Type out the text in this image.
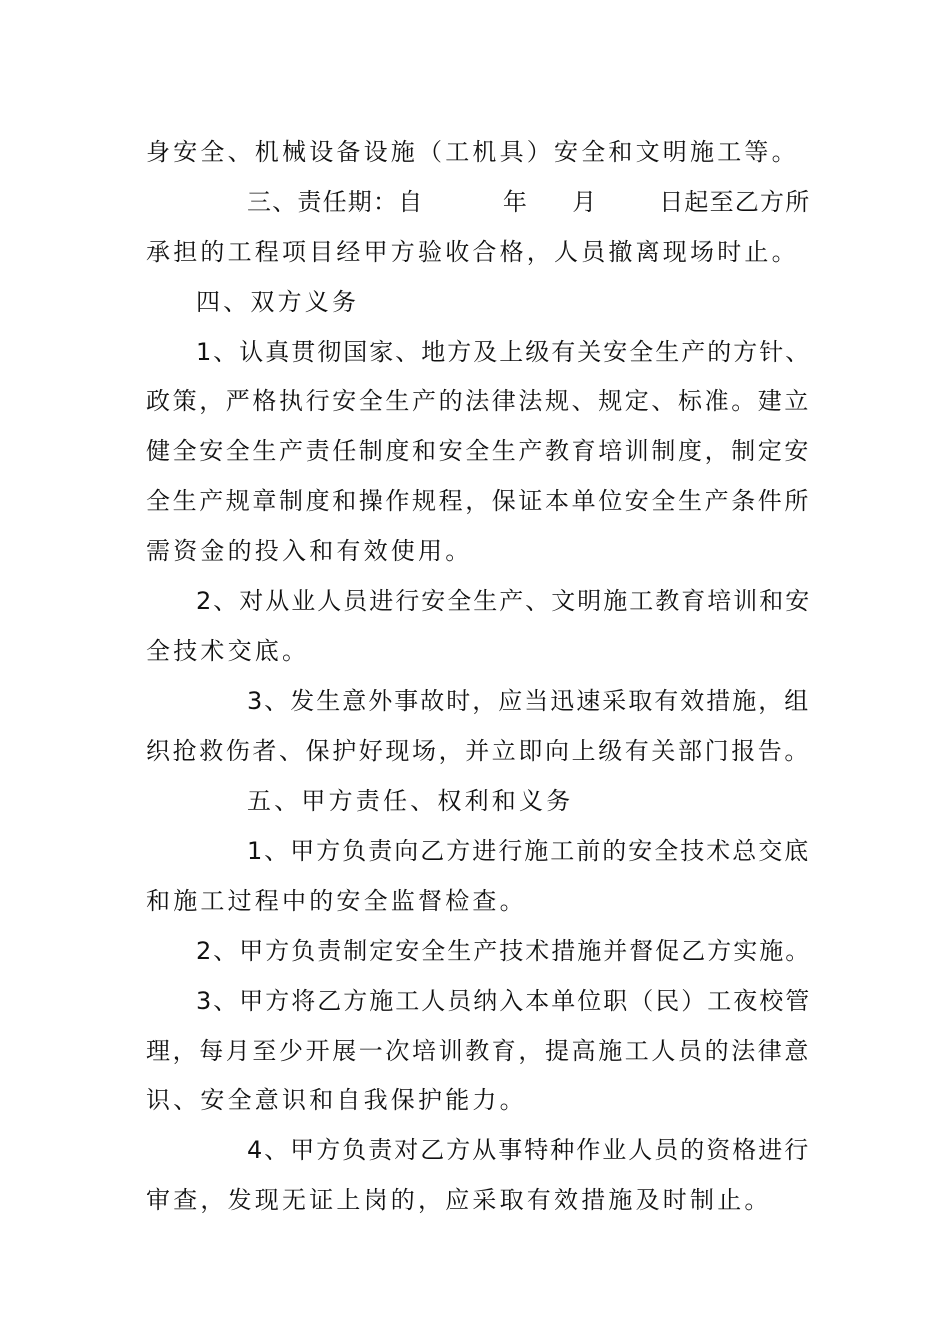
身安全、机械设备设施（工机具）安全和文明施工等。
三、责任期：自         年     月       日起至乙方所
承担的工程项目经甲方验收合格，人员撤离现场时止。
四、双方义务
1、认真贯彻国家、地方及上级有关安全生产的方针、
政策，严格执行安全生产的法律法规、规定、标准。建立
健全安全生产责任制度和安全生产教育培训制度，制定安
全生产规章制度和操作规程，保证本单位安全生产条件所
需资金的投入和有效使用。
2、对从业人员进行安全生产、文明施工教育培训和安
全技术交底。
3、发生意外事故时，应当迅速采取有效措施，组
织抢救伤者、保护好现场，并立即向上级有关部门报告。
五、甲方责任、权利和义务
1、甲方负责向乙方进行施工前的安全技术总交底
和施工过程中的安全监督检查。
2、甲方负责制定安全生产技术措施并督促乙方实施。
3、甲方将乙方施工人员纳入本单位职（民）工夜校管
理，每月至少开展一次培训教育，提高施工人员的法律意
识、安全意识和自我保护能力。
4、甲方负责对乙方从事特种作业人员的资格进行
审查，发现无证上岗的，应采取有效措施及时制止。
